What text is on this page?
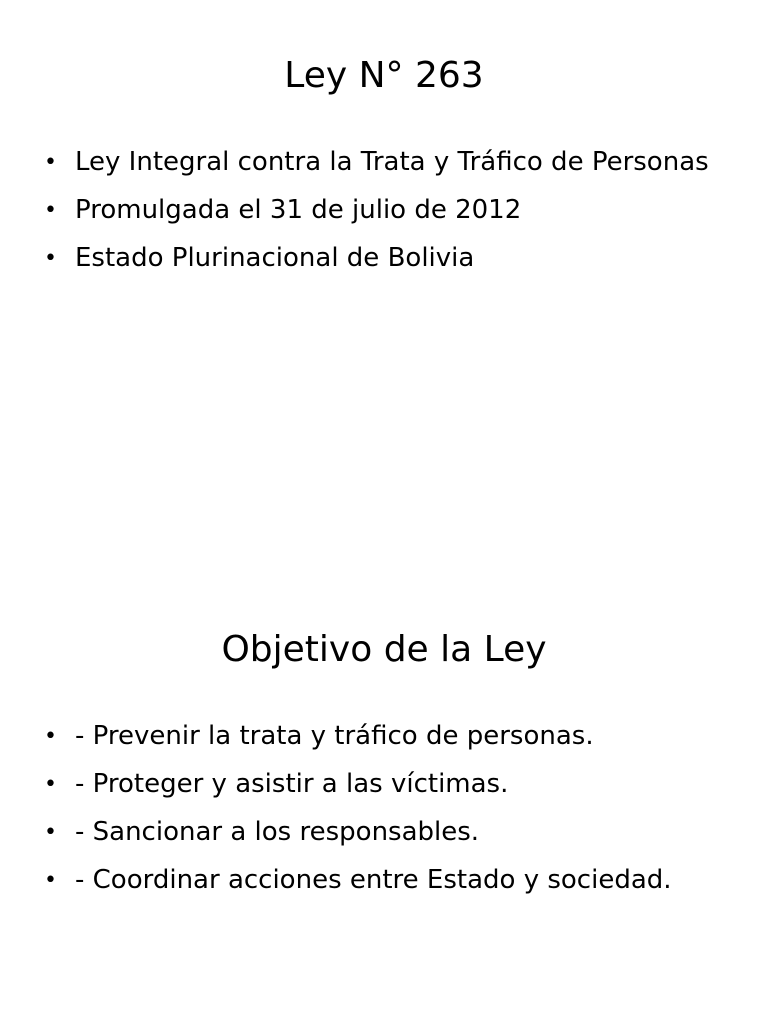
Ley N° 263
• Ley Integral contra la Trata y Tráfico de Personas
• Promulgada el 31 de julio de 2012
• Estado Plurinacional de Bolivia
Objetivo de la Ley
• - Prevenir la trata y tráfico de personas.
• - Proteger y asistir a las víctimas.
• - Sancionar a los responsables.
• - Coordinar acciones entre Estado y sociedad.
